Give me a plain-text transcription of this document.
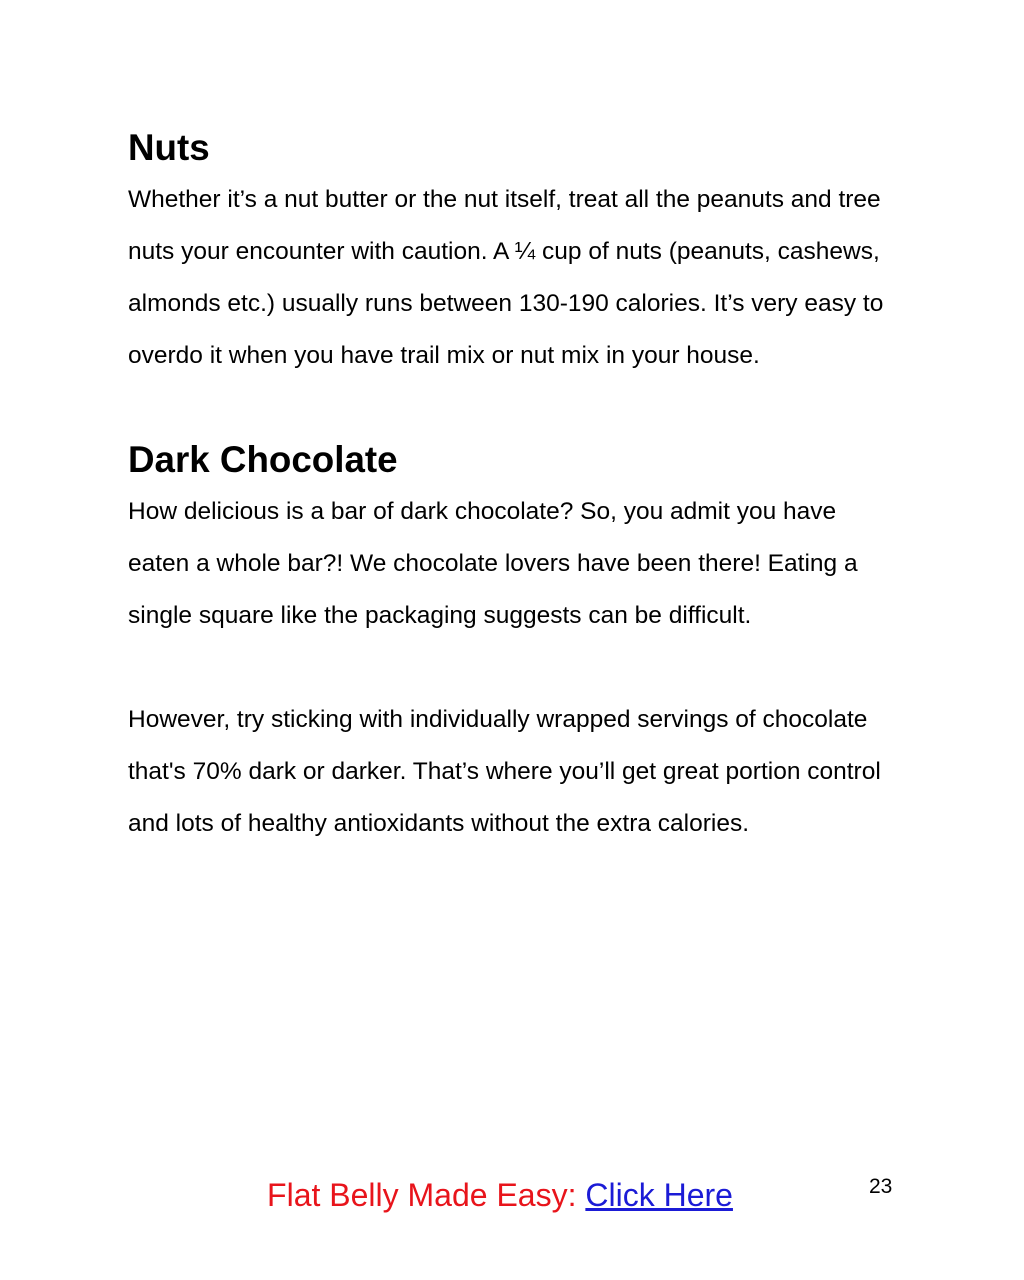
Nuts

Whether it’s a nut butter or the nut itself, treat all the peanuts and tree nuts your encounter with caution. A ¼ cup of nuts (peanuts, cashews, almonds etc.) usually runs between 130-190 calories. It’s very easy to overdo it when you have trail mix or nut mix in your house.

Dark Chocolate

How delicious is a bar of dark chocolate? So, you admit you have eaten a whole bar?! We chocolate lovers have been there! Eating a single square like the packaging suggests can be difficult.

However, try sticking with individually wrapped servings of chocolate that's 70% dark or darker. That’s where you’ll get great portion control and lots of healthy antioxidants without the extra calories.

Flat Belly Made Easy: Click Here	23
